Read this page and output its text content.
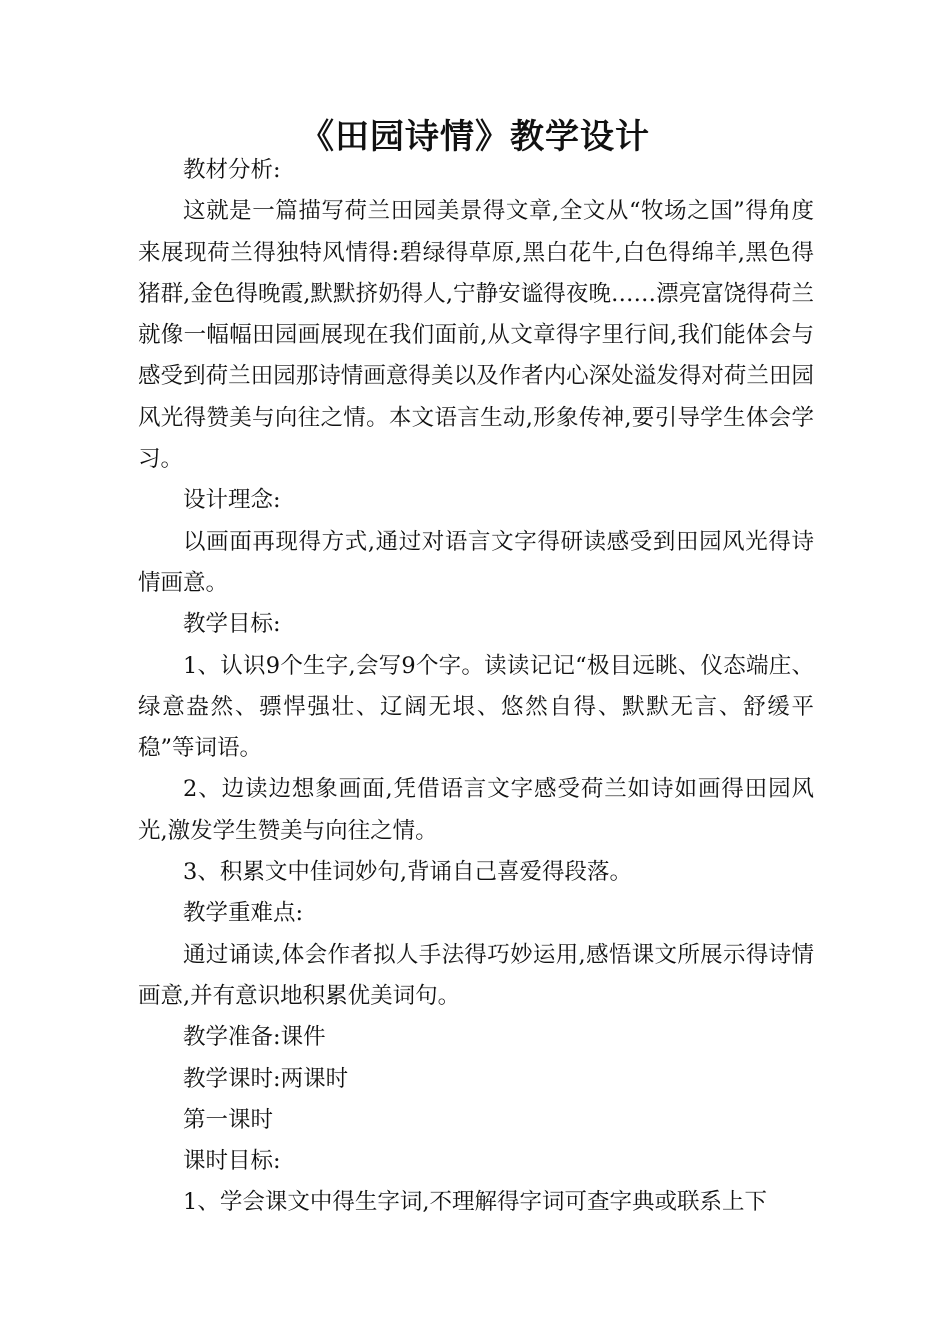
《田园诗情》教学设计

教材分析:

这就是一篇描写荷兰田园美景得文章,全文从“牧场之国”得角度来展现荷兰得独特风情得:碧绿得草原,黑白花牛,白色得绵羊,黑色得猪群,金色得晚霞,默默挤奶得人,宁静安谧得夜晚……漂亮富饶得荷兰就像一幅幅田园画展现在我们面前,从文章得字里行间,我们能体会与感受到荷兰田园那诗情画意得美以及作者内心深处溢发得对荷兰田园风光得赞美与向往之情。本文语言生动,形象传神,要引导学生体会学习。

设计理念:

以画面再现得方式,通过对语言文字得研读感受到田园风光得诗情画意。

教学目标:

1、认识9个生字,会写9个字。读读记记“极目远眺、仪态端庄、绿意盎然、骠悍强壮、辽阔无垠、悠然自得、默默无言、舒缓平稳”等词语。

2、边读边想象画面,凭借语言文字感受荷兰如诗如画得田园风光,激发学生赞美与向往之情。

3、积累文中佳词妙句,背诵自己喜爱得段落。

教学重难点:

通过诵读,体会作者拟人手法得巧妙运用,感悟课文所展示得诗情画意,并有意识地积累优美词句。

教学准备:课件

教学课时:两课时

第一课时

课时目标:

1、学会课文中得生字词,不理解得字词可查字典或联系上下
